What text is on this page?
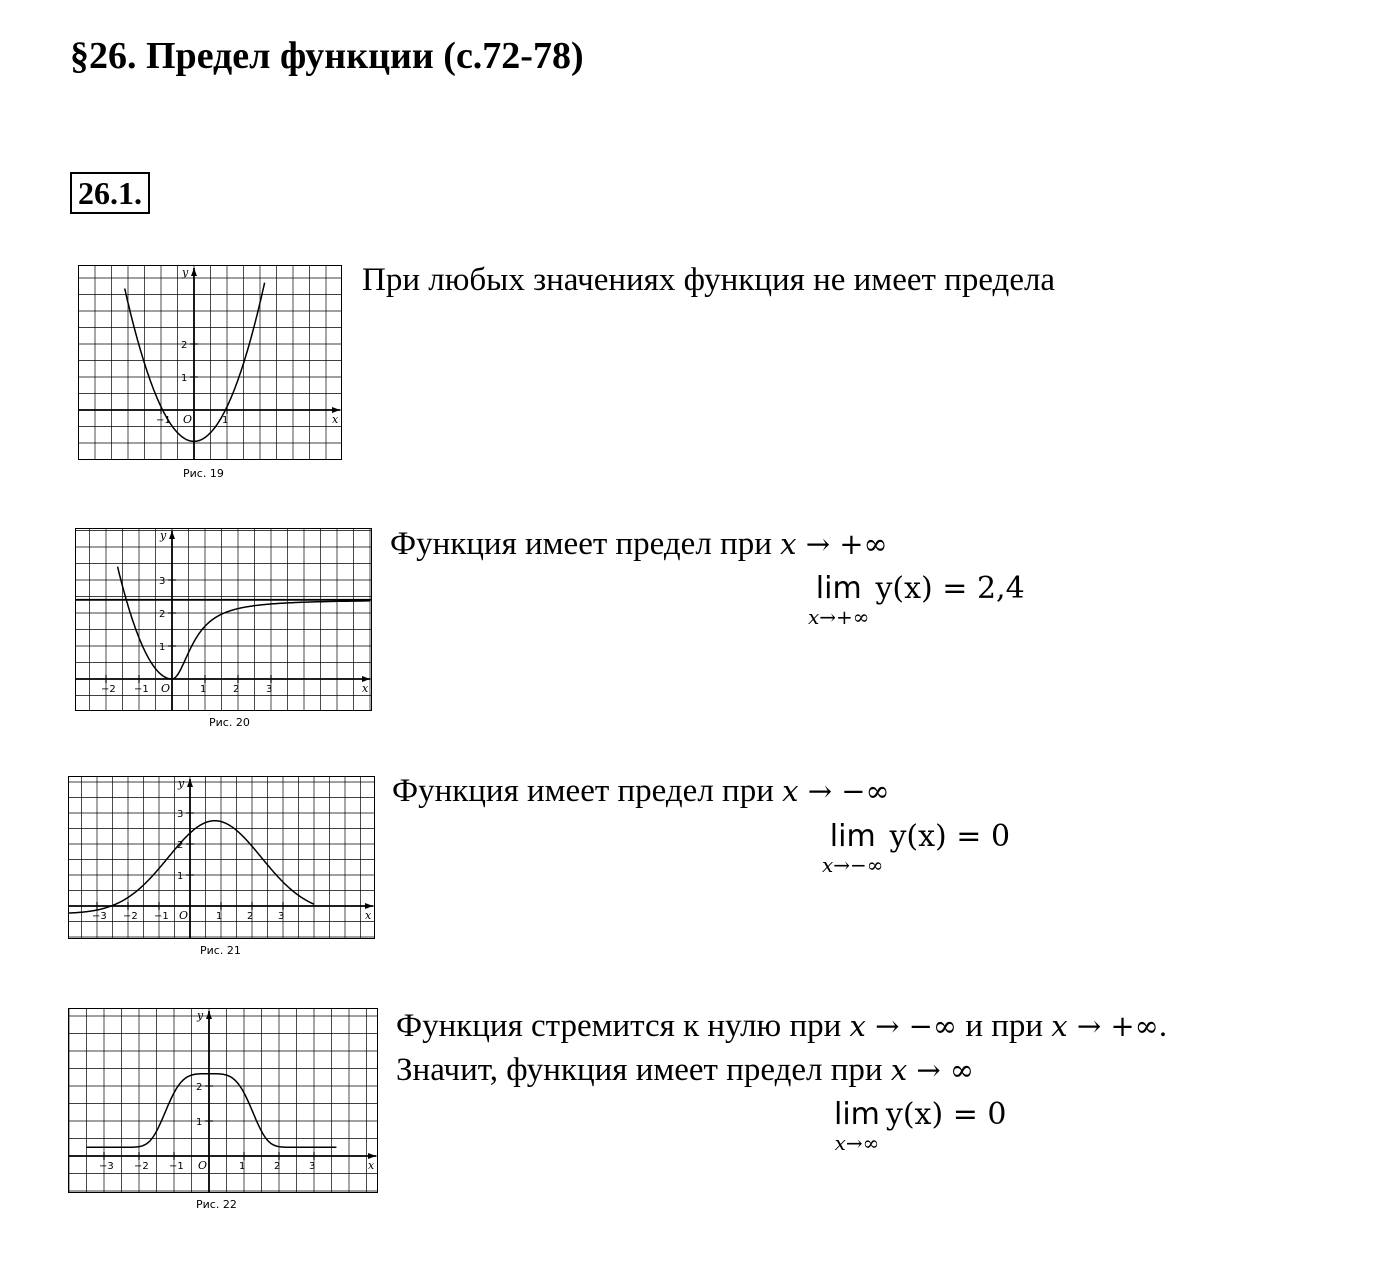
§26. Предел функции (с.72-78)
26.1.
x
y
O
−1	1
1
2
Рис. 19
При любых значениях функция не имеет предела
x
y
O
−2 −1	1	2	3
1
2
3
Рис. 20
Функция имеет предел при x → +∞
lim
x→+∞
y(x) = 2,4
x
y
O
−3 −2 −1	1 2 3
1
2
3
Рис. 21
Функция имеет предел при x → −∞
lim
x→−∞
y(x) = 0
x
y
O
−3 −2 −1	1	2	3
1
2
Рис. 22
Функция стремится к нулю при x → −∞ и при x → +∞.
Значит, функция имеет предел при x → ∞
lim
x→∞
y(x) = 0
